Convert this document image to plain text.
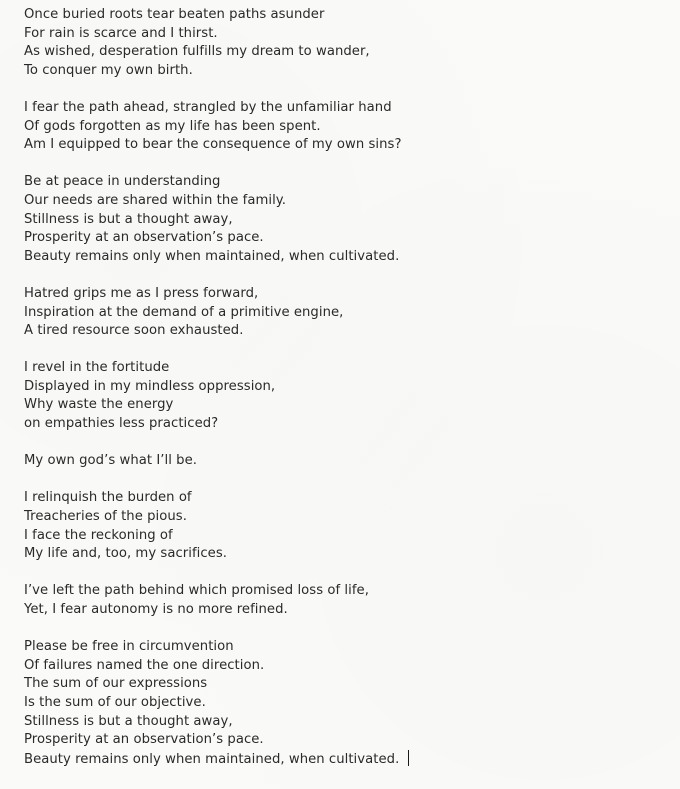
Once buried roots tear beaten paths asunder
For rain is scarce and I thirst.
As wished, desperation fulfills my dream to wander,
To conquer my own birth.
I fear the path ahead, strangled by the unfamiliar hand
Of gods forgotten as my life has been spent.
Am I equipped to bear the consequence of my own sins?
Be at peace in understanding
Our needs are shared within the family.
Stillness is but a thought away,
Prosperity at an observation’s pace.
Beauty remains only when maintained, when cultivated.
Hatred grips me as I press forward,
Inspiration at the demand of a primitive engine,
A tired resource soon exhausted.
I revel in the fortitude
Displayed in my mindless oppression,
Why waste the energy
on empathies less practiced?
My own god’s what I’ll be.
I relinquish the burden of
Treacheries of the pious.
I face the reckoning of
My life and, too, my sacrifices.
I’ve left the path behind which promised loss of life,
Yet, I fear autonomy is no more refined.
Please be free in circumvention
Of failures named the one direction.
The sum of our expressions
Is the sum of our objective.
Stillness is but a thought away,
Prosperity at an observation’s pace.
Beauty remains only when maintained, when cultivated.
